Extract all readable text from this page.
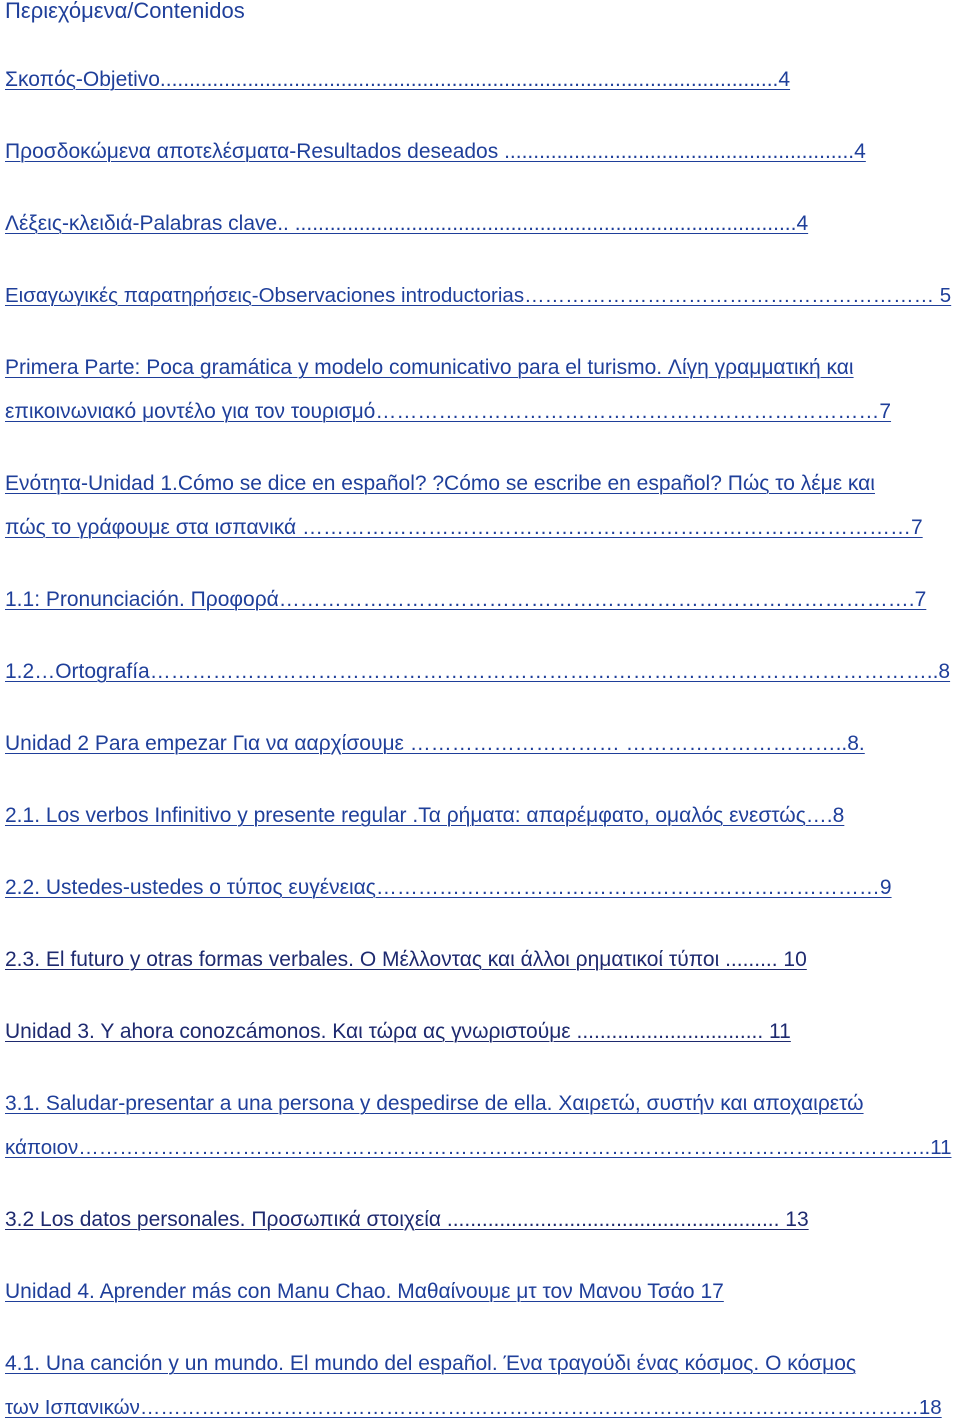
Περιεχόμενα/Contenidos
Σκοπός-Objetivo..........................................................................................................4
Προσδοκώμενα αποτελέσματα-Resultados deseados ............................................................4
Λέξεις-κλειδιά-Palabras clave.. ......................................................................................4
Εισαγωγικές παρατηρήσεις-Observaciones introductorias…………………………………………………… 5
Primera Parte: Poca gramática y modelo comunicativo para el turismo. Λίγη γραμματική και
επικοινωνιακό μοντέλο για τον τουρισμό………………………………………………………………7
Ενότητα-Unidad 1.Cómo se dice en español? ?Cómo se escribe en español? Πώς το λέμε και
πώς το γράφουμε στα ισπανικά ……………………………………………………………………………7
1.1: Pronunciación. Προφορά……………………………………………………………………………….7
1.2…Ortografía…………………………………………………………………………………………………..8
Unidad 2 Para empezar Για να ααρχίσουμε ………………………… …………………………..8.
2.1. Los verbos Infinitivo y presente regular .Τα ρήματα: απαρέμφατο, ομαλός ενεστώς….8
2.2. Ustedes-ustedes ο τύπος ευγένειας………………………………………………………………9
2.3. El futuro y otras formas verbales. Ο Μέλλοντας και άλλοι ρηματικοί τύποι ......... 10
Unidad 3. Y ahora conozcámonos. Και τώρα ας γνωριστούμε ................................ 11
3.1. Saludar-presentar a una persona y despedirse de ella. Χαιρετώ, συστήν και αποχαιρετώ
κάποιον……………………………………………………………………………………………………………..11
3.2 Los datos personales. Προσωπικά στοιχεία ......................................................... 13
Unidad 4. Aprender más con Manu Chao. Μαθαίνουμε μτ τον Μανου Τσάο 17
4.1. Una canción y un mundo. El mundo del español. Ένα τραγούδι ένας κόσμος. Ο κόσμος
των Ισπανικών……………………………………………………………………………………………………18
